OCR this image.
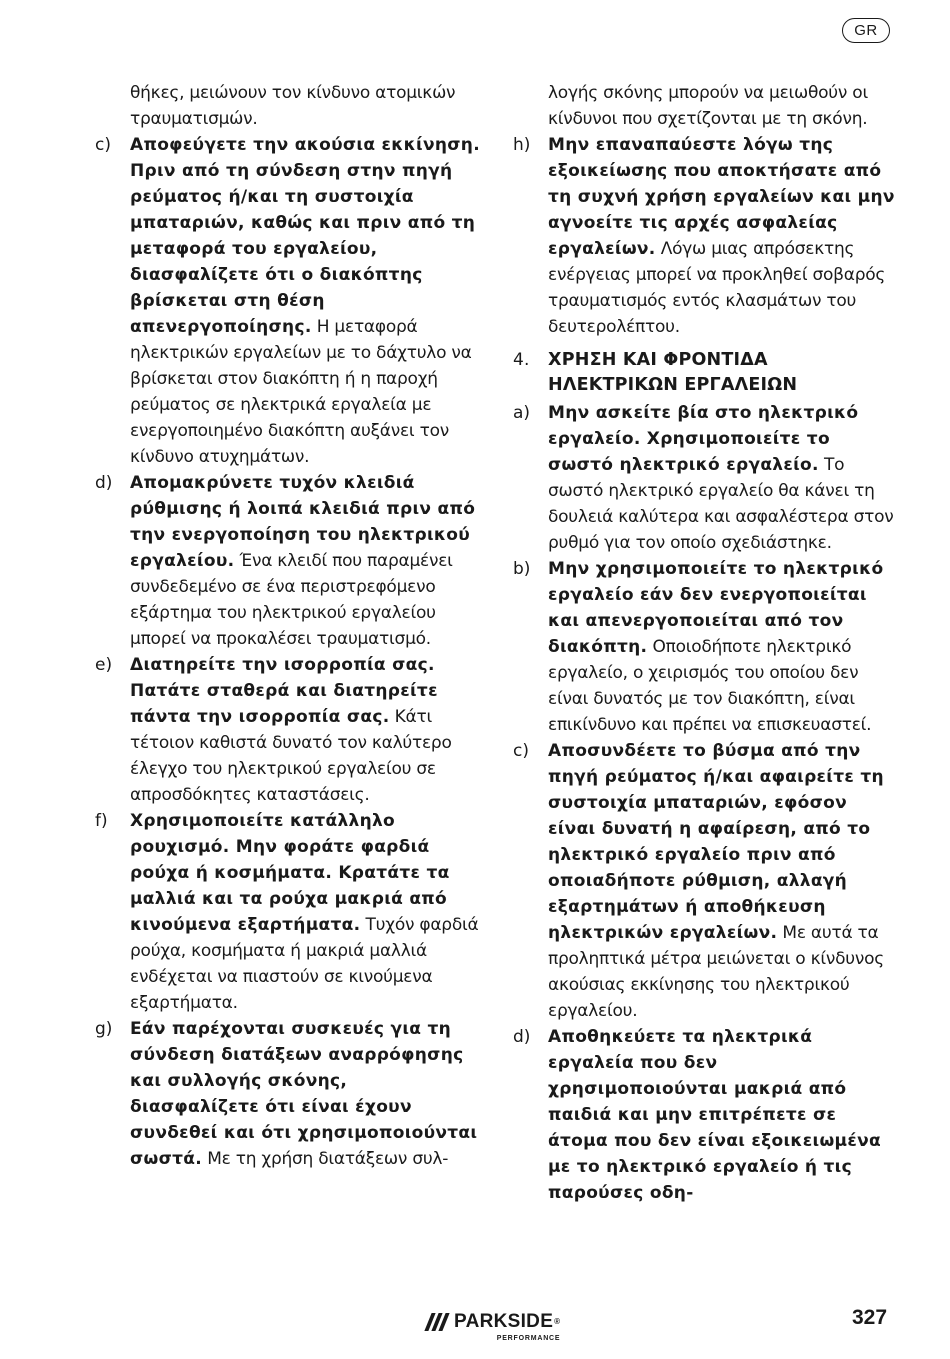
GR
θήκες, μειώνουν τον κίνδυνο ατομικών τραυματισμών.
c)	Αποφεύγετε την ακούσια εκκίνηση. Πριν από τη σύνδεση στην πηγή ρεύματος ή/και τη συστοιχία μπαταριών, καθώς και πριν από τη μεταφορά του εργαλείου, διασφαλίζετε ότι ο διακόπτης βρίσκεται στη θέση απενεργοποίησης. Η μεταφορά ηλεκτρικών εργαλείων με το δάχτυλο να βρίσκεται στον διακόπτη ή η παροχή ρεύματος σε ηλεκτρικά εργαλεία με ενεργοποιημένο διακόπτη αυξάνει τον κίνδυνο ατυχημάτων.
d)	Απομακρύνετε τυχόν κλειδιά ρύθμισης ή λοιπά κλειδιά πριν από την ενεργοποίηση του ηλεκτρικού εργαλείου. Ένα κλειδί που παραμένει συνδεδεμένο σε ένα περιστρεφόμενο εξάρτημα του ηλεκτρικού εργαλείου μπορεί να προκαλέσει τραυματισμό.
e)	Διατηρείτε την ισορροπία σας. Πατάτε σταθερά και διατηρείτε πάντα την ισορροπία σας. Κάτι τέτοιον καθιστά δυνατό τον καλύτερο έλεγχο του ηλεκτρικού εργαλείου σε απροσδόκητες καταστάσεις.
f)	Χρησιμοποιείτε κατάλληλο ρουχισμό. Μην φοράτε φαρδιά ρούχα ή κοσμήματα. Κρατάτε τα μαλλιά και τα ρούχα μακριά από κινούμενα εξαρτήματα. Τυχόν φαρδιά ρούχα, κοσμήματα ή μακριά μαλλιά ενδέχεται να πιαστούν σε κινούμενα εξαρτήματα.
g)	Εάν παρέχονται συσκευές για τη σύνδεση διατάξεων αναρρόφησης και συλλογής σκόνης, διασφαλίζετε ότι είναι έχουν συνδεθεί και ότι χρησιμοποιούνται σωστά. Με τη χρήση διατάξεων συλ-
λογής σκόνης μπορούν να μειωθούν οι κίνδυνοι που σχετίζονται με τη σκόνη.
h)	Μην επαναπαύεστε λόγω της εξοικείωσης που αποκτήσατε από τη συχνή χρήση εργαλείων και μην αγνοείτε τις αρχές ασφαλείας εργαλείων. Λόγω μιας απρόσεκτης ενέργειας μπορεί να προκληθεί σοβαρός τραυματισμός εντός κλασμάτων του δευτερολέπτου.
4.	ΧΡΗΣΗ ΚΑΙ ΦΡΟΝΤΙΔΑ ΗΛΕΚΤΡΙΚΩΝ ΕΡΓΑΛΕΙΩΝ
a)	Μην ασκείτε βία στο ηλεκτρικό εργαλείο. Χρησιμοποιείτε το σωστό ηλεκτρικό εργαλείο. Το σωστό ηλεκτρικό εργαλείο θα κάνει τη δουλειά καλύτερα και ασφαλέστερα στον ρυθμό για τον οποίο σχεδιάστηκε.
b)	Μην χρησιμοποιείτε το ηλεκτρικό εργαλείο εάν δεν ενεργοποιείται και απενεργοποιείται από τον διακόπτη. Οποιοδήποτε ηλεκτρικό εργαλείο, ο χειρισμός του οποίου δεν είναι δυνατός με τον διακόπτη, είναι επικίνδυνο και πρέπει να επισκευαστεί.
c)	Αποσυνδέετε το βύσμα από την πηγή ρεύματος ή/και αφαιρείτε τη συστοιχία μπαταριών, εφόσον είναι δυνατή η αφαίρεση, από το ηλεκτρικό εργαλείο πριν από οποιαδήποτε ρύθμιση, αλλαγή εξαρτημάτων ή αποθήκευση ηλεκτρικών εργαλείων. Με αυτά τα προληπτικά μέτρα μειώνεται ο κίνδυνος ακούσιας εκκίνησης του ηλεκτρικού εργαλείου.
d)	Αποθηκεύετε τα ηλεκτρικά εργαλεία που δεν χρησιμοποιούνται μακριά από παιδιά και μην επιτρέπετε σε άτομα που δεν είναι εξοικειωμένα με το ηλεκτρικό εργαλείο ή τις παρούσες οδη-
PARKSIDE®
PERFORMANCE
327
